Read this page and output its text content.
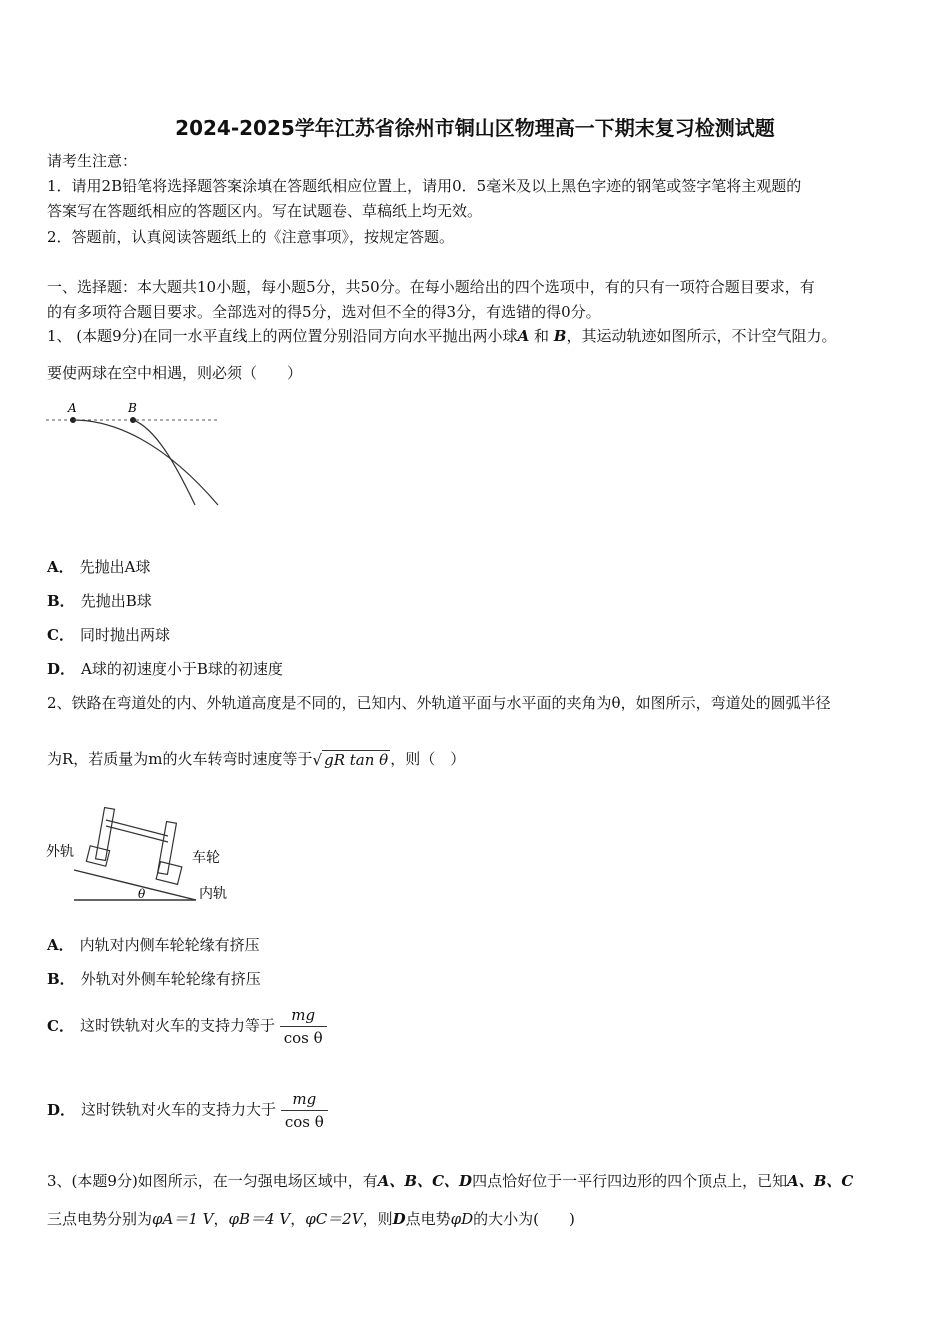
2024-2025学年江苏省徐州市铜山区物理高一下期末复习检测试题
请考生注意：
1．请用2B铅笔将选择题答案涂填在答题纸相应位置上，请用0．5毫米及以上黑色字迹的钢笔或签字笔将主观题的
答案写在答题纸相应的答题区内。写在试题卷、草稿纸上均无效。
2．答题前，认真阅读答题纸上的《注意事项》，按规定答题。
一、选择题：本大题共10小题，每小题5分，共50分。在每小题给出的四个选项中，有的只有一项符合题目要求，有
的有多项符合题目要求。全部选对的得5分，选对但不全的得3分，有选错的得0分。
1、 (本题9分)在同一水平直线上的两位置分别沿同方向水平抛出两小球A 和 B，其运动轨迹如图所示，不计空气阻力。
要使两球在空中相遇，则必须（　　）
A	B
A． 先抛出A球
B． 先抛出B球
C． 同时抛出两球
D． A球的初速度小于B球的初速度
2、铁路在弯道处的内、外轨道高度是不同的，已知内、外轨道平面与水平面的夹角为θ，如图所示，弯道处的圆弧半径
为R，若质量为m的火车转弯时速度等于√ gR tan θ ，则（　）
外轨	车轮
内轨
θ
A． 内轨对内侧车轮轮缘有挤压
B． 外轨对外侧车轮轮缘有挤压
C． 这时铁轨对火车的支持力等于 $\frac{mg}{\text{cos θ}}$
D． 这时铁轨对火车的支持力大于 $\frac{mg}{\text{cos θ}}$
3、(本题9分)如图所示，在一匀强电场区域中，有A、B、C、D四点恰好位于一平行四边形的四个顶点上，已知A、B、C
三点电势分别为φA＝1 V，φB＝4 V，φC＝2V，则D点电势φD的大小为(　　)
